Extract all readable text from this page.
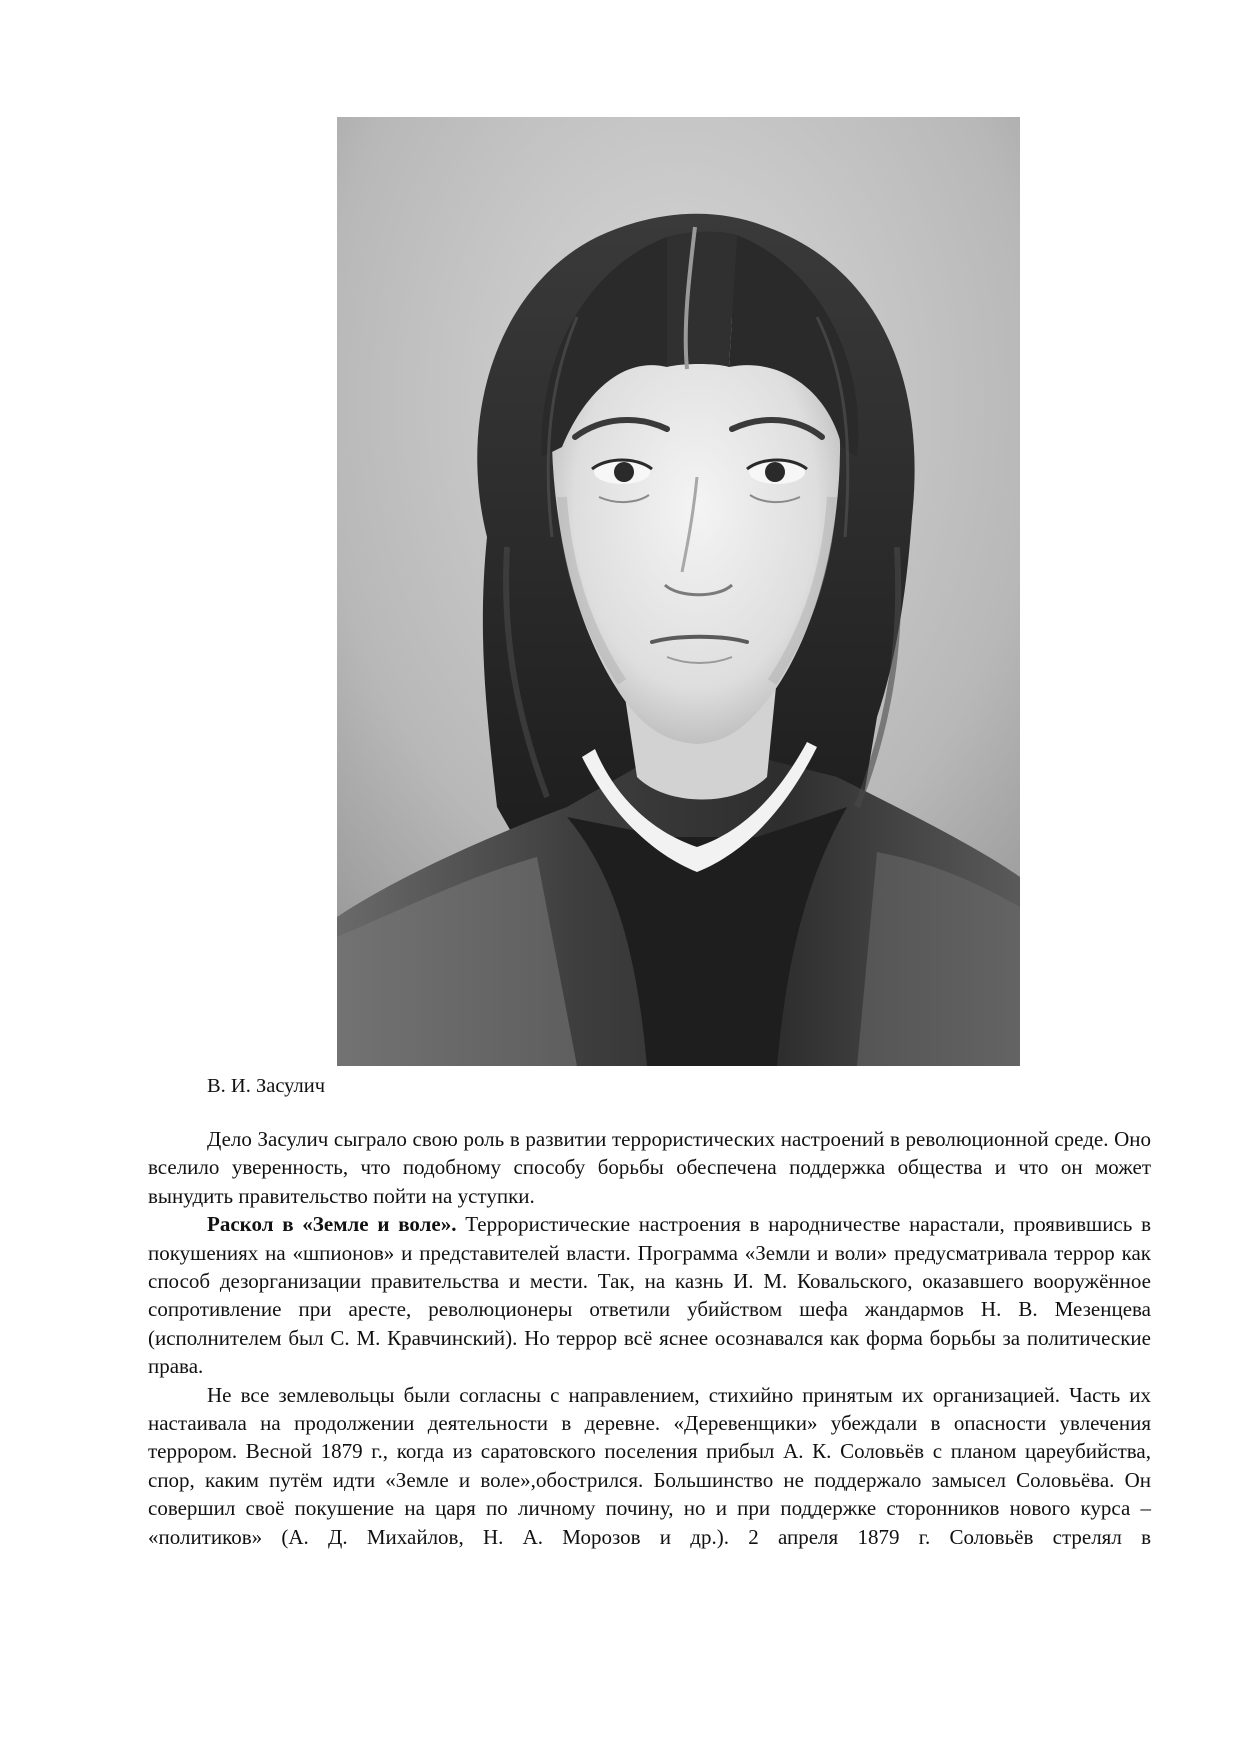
В. И. Засулич

Дело Засулич сыграло свою роль в развитии террористических настроений в революционной среде. Оно вселило уверенность, что подобному способу борьбы обеспечена поддержка общества и что он может вынудить правительство пойти на уступки.

Раскол в «Земле и воле». Террористические настроения в народничестве нарастали, проявившись в покушениях на «шпионов» и представителей власти. Программа «Земли и воли» предусматривала террор как способ дезорганизации правительства и мести. Так, на казнь И. М. Ковальского, оказавшего вооружённое сопротивление при аресте, революционеры ответили убийством шефа жандармов Н. В. Мезенцева (исполнителем был С. М. Кравчинский). Но террор всё яснее осознавался как форма борьбы за политические права.

Не все землевольцы были согласны с направлением, стихийно принятым их организацией. Часть их настаивала на продолжении деятельности в деревне. «Деревенщики» убеждали в опасности увлечения террором. Весной 1879 г., когда из саратовского поселения прибыл А. К. Соловьёв с планом цареубийства, спор, каким путём идти «Земле и воле»,обострился. Большинство не поддержало замысел Соловьёва. Он совершил своё покушение на царя по личному почину, но и при поддержке сторонников нового курса – «политиков» (А. Д. Михайлов, Н. А. Морозов и др.). 2 апреля 1879 г. Соловьёв стрелял в
